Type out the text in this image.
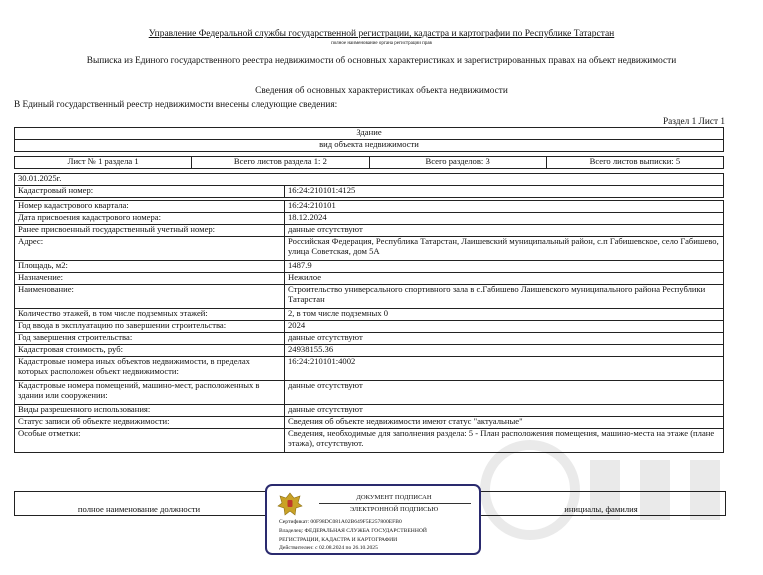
Управление Федеральной службы государственной регистрации, кадастра и картографии по Республике Татарстан
полное наименование органа регистрации прав
Выписка из Единого государственного реестра недвижимости об основных характеристиках и зарегистрированных правах на объект недвижимости
Сведения об основных характеристиках объекта недвижимости
В Единый государственный реестр недвижимости внесены следующие сведения:
Раздел 1 Лист 1
Здание
вид объекта недвижимости
Лист № 1 раздела 1	Всего листов раздела 1: 2	Всего разделов: 3	Всего листов выписки: 5
30.01.2025г.
Кадастровый номер:	16:24:210101:4125
Номер кадастрового квартала:	16:24:210101
Дата присвоения кадастрового номера:	18.12.2024
Ранее присвоенный государственный учетный номер:	данные отсутствуют
Адрес:	Российская Федерация, Республика Татарстан, Лаишевский муниципальный район, с.п Габишевское, село Габишево, улица Советская, дом 5А
Площадь, м2:	1487.9
Назначение:	Нежилое
Наименование:	Строительство универсального спортивного зала в с.Габишево Лаишевского муниципального района Республики Татарстан
Количество этажей, в том числе подземных этажей:	2, в том числе подземных 0
Год ввода в эксплуатацию по завершении строительства:	2024
Год завершения строительства:	данные отсутствуют
Кадастровая стоимость, руб:	24938155.36
Кадастровые номера иных объектов недвижимости, в пределах которых расположен объект недвижимости:	16:24:210101:4002
Кадастровые номера помещений, машино-мест, расположенных в здании или сооружении:	данные отсутствуют
Виды разрешенного использования:	данные отсутствуют
Статус записи об объекте недвижимости:	Сведения об объекте недвижимости имеют статус "актуальные"
Особые отметки:	Сведения, необходимые для заполнения раздела: 5 - План расположения помещения, машино-места на этаже (плане этажа), отсутствуют.
полное наименование должности	инициалы, фамилия
ДОКУМЕНТ ПОДПИСАН
ЭЛЕКТРОННОЙ ПОДПИСЬЮ
Сертификат: 00F98DC081A02B649F5E257800EFB0
Владелец: ФЕДЕРАЛЬНАЯ СЛУЖБА ГОСУДАРСТВЕННОЙ
РЕГИСТРАЦИИ, КАДАСТРА И КАРТОГРАФИИ
Действителен: с 02.08.2024 по 26.10.2025
